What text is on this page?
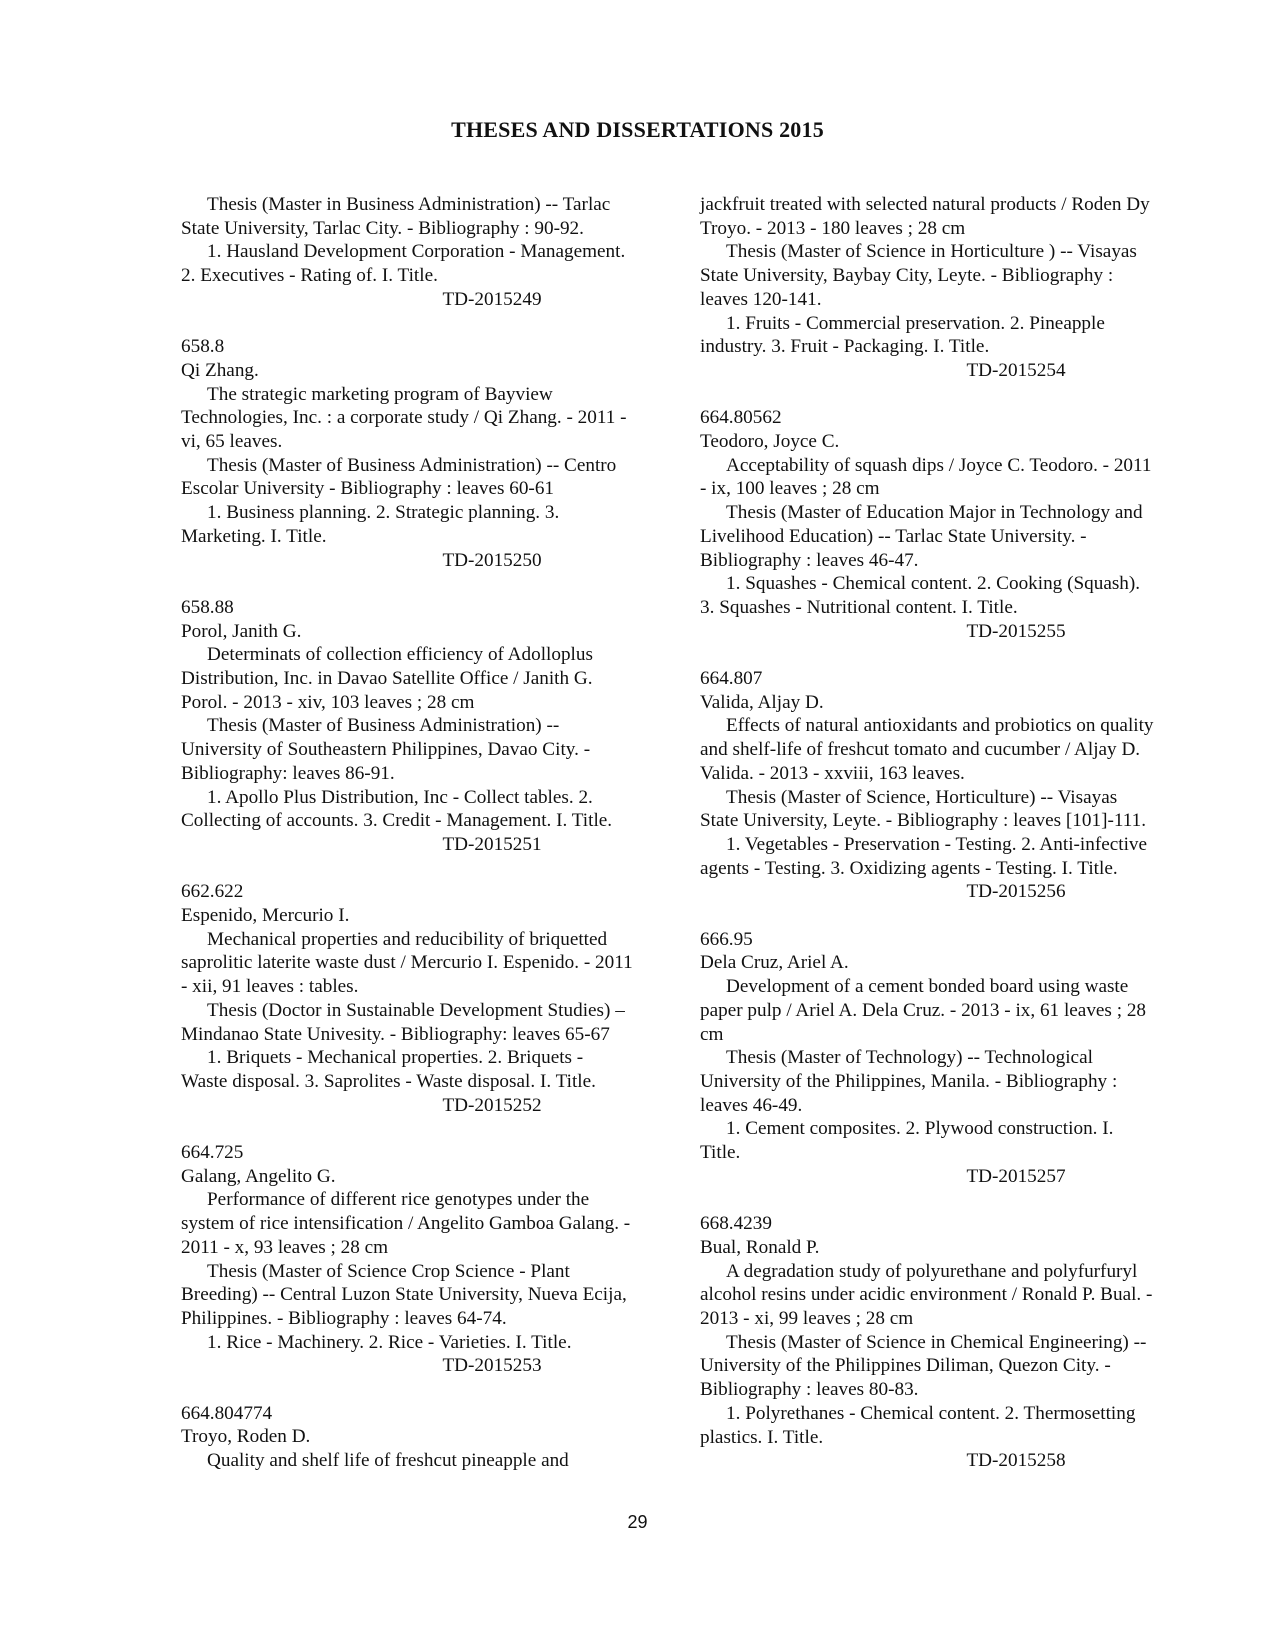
THESES AND DISSERTATIONS 2015
Thesis (Master in Business Administration) -- Tarlac
State University, Tarlac City. - Bibliography : 90-92.
1. Hausland Development Corporation - Management.
2. Executives - Rating of. I. Title.
TD-2015249
658.8
Qi Zhang.
The strategic marketing program of Bayview
Technologies, Inc. : a corporate study / Qi Zhang. - 2011 -
vi, 65 leaves.
Thesis (Master of Business Administration) -- Centro
Escolar University - Bibliography : leaves 60-61
1. Business planning. 2. Strategic planning. 3.
Marketing. I. Title.
TD-2015250
658.88
Porol, Janith G.
Determinats of collection efficiency of Adolloplus
Distribution, Inc. in Davao Satellite Office / Janith G.
Porol. - 2013 - xiv, 103 leaves ; 28 cm
Thesis (Master of Business Administration) --
University of Southeastern Philippines, Davao City. -
Bibliography: leaves 86-91.
1. Apollo Plus Distribution, Inc - Collect tables. 2.
Collecting of accounts. 3. Credit - Management. I. Title.
TD-2015251
662.622
Espenido, Mercurio I.
Mechanical properties and reducibility of briquetted
saprolitic laterite waste dust / Mercurio I. Espenido. - 2011
- xii, 91 leaves : tables.
Thesis (Doctor in Sustainable Development Studies) –
Mindanao State Univesity. - Bibliography: leaves 65-67
1. Briquets - Mechanical properties. 2. Briquets -
Waste disposal. 3. Saprolites - Waste disposal. I. Title.
TD-2015252
664.725
Galang, Angelito G.
Performance of different rice genotypes under the
system of rice intensification / Angelito Gamboa Galang. -
2011 - x, 93 leaves ; 28 cm
Thesis (Master of Science Crop Science - Plant
Breeding) -- Central Luzon State University, Nueva Ecija,
Philippines. - Bibliography : leaves 64-74.
1. Rice - Machinery. 2. Rice - Varieties. I. Title.
TD-2015253
664.804774
Troyo, Roden D.
Quality and shelf life of freshcut pineapple and
jackfruit treated with selected natural products / Roden Dy
Troyo. - 2013 - 180 leaves ; 28 cm
Thesis (Master of Science in Horticulture ) -- Visayas
State University, Baybay City, Leyte. - Bibliography :
leaves 120-141.
1. Fruits - Commercial preservation. 2. Pineapple
industry. 3. Fruit - Packaging. I. Title.
TD-2015254
664.80562
Teodoro, Joyce C.
Acceptability of squash dips / Joyce C. Teodoro. - 2011
- ix, 100 leaves ; 28 cm
Thesis (Master of Education Major in Technology and
Livelihood Education) -- Tarlac State University. -
Bibliography : leaves 46-47.
1. Squashes - Chemical content. 2. Cooking (Squash).
3. Squashes - Nutritional content. I. Title.
TD-2015255
664.807
Valida, Aljay D.
Effects of natural antioxidants and probiotics on quality
and shelf-life of freshcut tomato and cucumber / Aljay D.
Valida. - 2013 - xxviii, 163 leaves.
Thesis (Master of Science, Horticulture) -- Visayas
State University, Leyte. - Bibliography : leaves [101]-111.
1. Vegetables - Preservation - Testing. 2. Anti-infective
agents - Testing. 3. Oxidizing agents - Testing. I. Title.
TD-2015256
666.95
Dela Cruz, Ariel A.
Development of a cement bonded board using waste
paper pulp / Ariel A. Dela Cruz. - 2013 - ix, 61 leaves ; 28
cm
Thesis (Master of Technology) -- Technological
University of the Philippines, Manila. - Bibliography :
leaves 46-49.
1. Cement composites. 2. Plywood construction. I.
Title.
TD-2015257
668.4239
Bual, Ronald P.
A degradation study of polyurethane and polyfurfuryl
alcohol resins under acidic environment / Ronald P. Bual. -
2013 - xi, 99 leaves ; 28 cm
Thesis (Master of Science in Chemical Engineering) --
University of the Philippines Diliman, Quezon City. -
Bibliography : leaves 80-83.
1. Polyrethanes - Chemical content. 2. Thermosetting
plastics. I. Title.
TD-2015258
29
